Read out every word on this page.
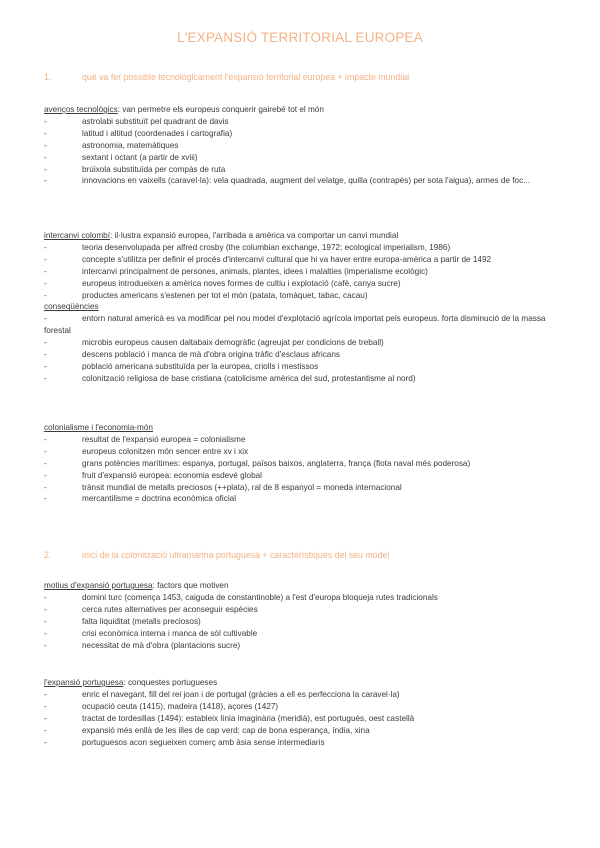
L'EXPANSIÓ TERRITORIAL EUROPEA
1.	què va fer possible tecnològicament l'expansió territorial europea + impacte mundial
avenços tecnològics: van permetre els europeus conquerir gairebé tot el món
-	astrolabi substituït pel quadrant de davis
-	latitud i altitud (coordenades i cartografia)
-	astronomia, matemàtiques
-	sextant i octant (a partir de xviii)
-	brúixola substituïda per compàs de ruta
-	innovacions en vaixells (caravel·la): vela quadrada, augment del velatge, quilla (contrapès) per sota l'aigua), armes de foc...
intercanvi colombí: il·lustra expansió europea, l'arribada a amèrica va comportar un canvi mundial
-	teoria desenvolupada per alfred crosby (the columbian exchange, 1972; ecological imperialism, 1986)
-	concepte s'utilitza per definir el procés d'intercanvi cultural que hi va haver entre europa-amèrica a partir de 1492
-	intercanvi principalment de persones, animals, plantes, idees i malalties (imperialisme ecològic)
-	europeus introdueixen a amèrica noves formes de cultiu i explotació (cafè, canya sucre)
-	productes americans s'estenen per tot el món (patata, tomàquet, tabac, cacau)
conseqüències
-	entorn natural americà es va modificar pel nou model d'explotació agrícola importat pels europeus. forta disminució de la massa forestal
-	microbis europeus causen daltabaix demogràfic (agreujat per condicions de treball)
-	descens població i manca de mà d'obra origina tràfic d'esclaus africans
-	població americana substituïda per la europea, criolls i mestissos
-	colonització religiosa de base cristiana (catolicisme amèrica del sud, protestantisme al nord)
colonialisme i l'economia-món
-	resultat de l'expansió europea = colonialisme
-	europeus colonitzen món sencer entre xv i xix
-	grans potències marítimes: espanya, portugal, països baixos, anglaterra, frança (flota naval més poderosa)
-	fruit d'expansió europea: economia esdevé global
-	trànsit mundial de metalls preciosos (++plata), ral de 8 espanyol = moneda internacional
-	mercantilisme = doctrina econòmica oficial
2.	inici de la colonització ultramarina portuguesa + característiques del seu model
motius d'expansió portuguesa: factors que motiven
-	domini turc (comença 1453, caiguda de constantinoble) a l'est d'europa bloqueja rutes tradicionals
-	cerca rutes alternatives per aconseguir espècies
-	falta liquiditat (metalls preciosos)
-	crisi econòmica interna i manca de sòl cultivable
-	necessitat de mà d'obra (plantacions sucre)
l'expansió portuguesa: conquestes portugueses
-	enric el navegant, fill del rei joan i de portugal (gràcies a ell es perfecciona la caravel·la)
-	ocupació ceuta (1415), madeira (1418), açores (1427)
-	tractat de tordesillas (1494): estableix línia imaginària (meridià), est portuguès, oest castellà
-	expansió més enllà de les illes de cap verd: cap de bona esperança, índia, xina
-	portuguesos acon segueixen comerç amb àsia sense intermediaris
